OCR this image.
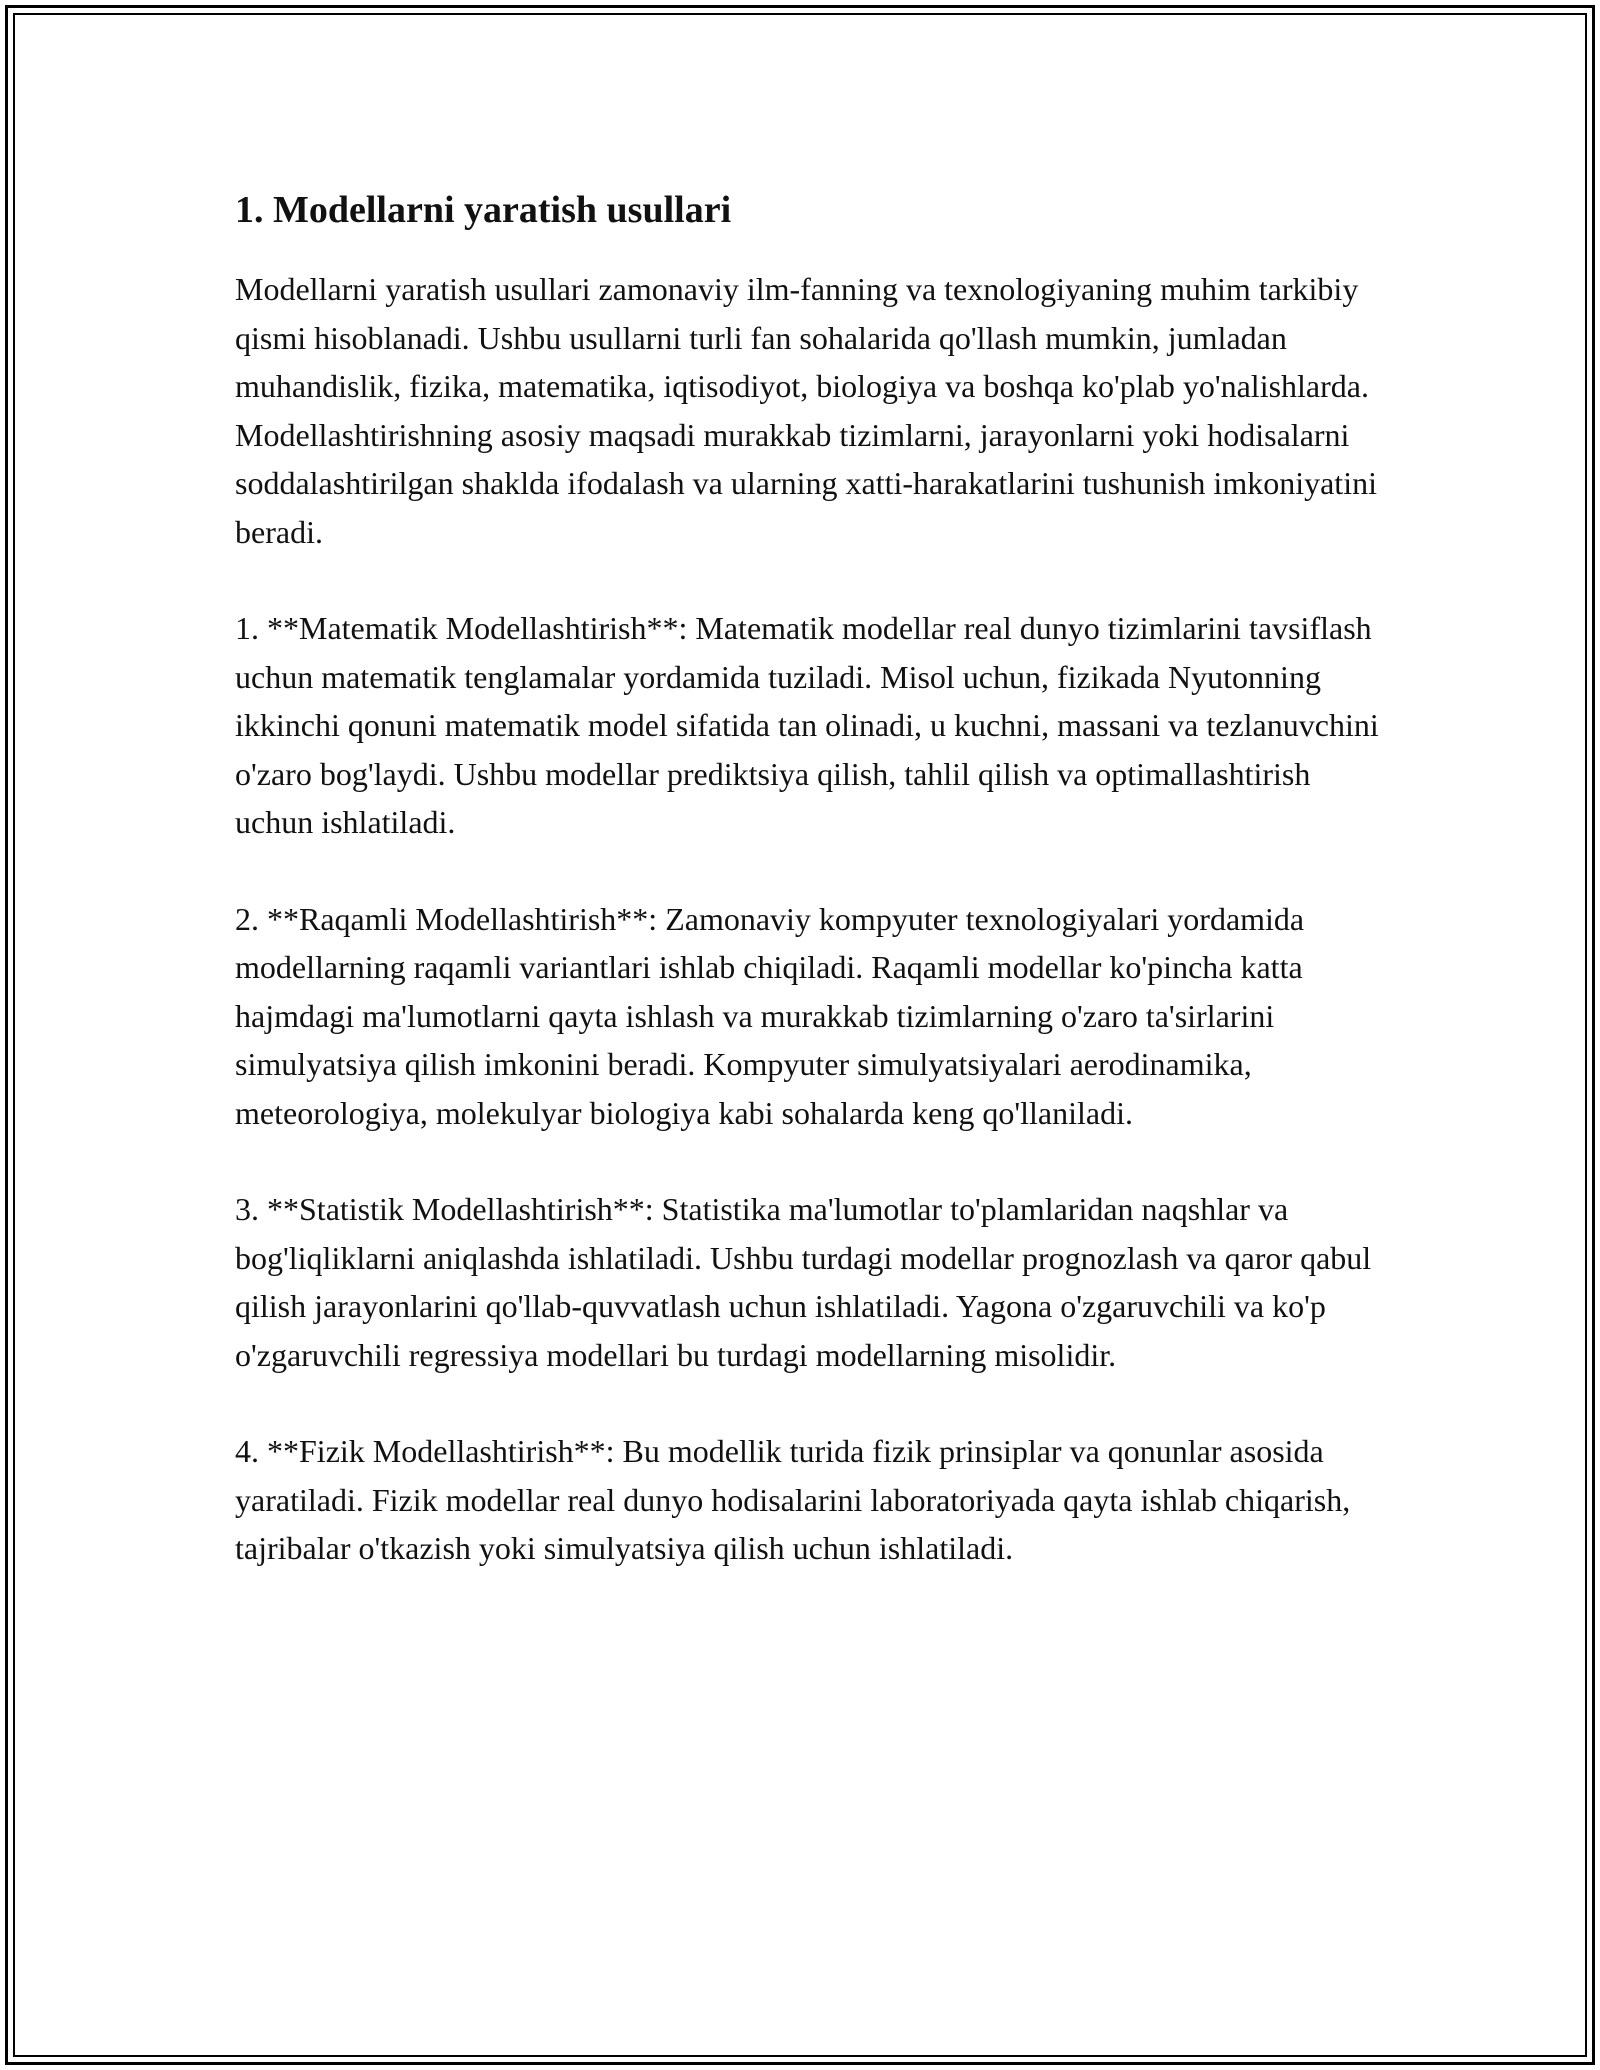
1. Modellarni yaratish usullari

Modellarni yaratish usullari zamonaviy ilm-fanning va texnologiyaning muhim tarkibiy qismi hisoblanadi. Ushbu usullarni turli fan sohalarida qo'llash mumkin, jumladan muhandislik, fizika, matematika, iqtisodiyot, biologiya va boshqa ko'plab yo'nalishlarda. Modellashtirishning asosiy maqsadi murakkab tizimlarni, jarayonlarni yoki hodisalarni soddalashtirilgan shaklda ifodalash va ularning xatti-harakatlarini tushunish imkoniyatini beradi.

1. **Matematik Modellashtirish**: Matematik modellar real dunyo tizimlarini tavsiflash uchun matematik tenglamalar yordamida tuziladi. Misol uchun, fizikada Nyutonning ikkinchi qonuni matematik model sifatida tan olinadi, u kuchni, massani va tezlanuvchini o'zaro bog'laydi. Ushbu modellar prediktsiya qilish, tahlil qilish va optimallashtirish uchun ishlatiladi.

2. **Raqamli Modellashtirish**: Zamonaviy kompyuter texnologiyalari yordamida modellarning raqamli variantlari ishlab chiqiladi. Raqamli modellar ko'pincha katta hajmdagi ma'lumotlarni qayta ishlash va murakkab tizimlarning o'zaro ta'sirlarini simulyatsiya qilish imkonini beradi. Kompyuter simulyatsiyalari aerodinamika, meteorologiya, molekulyar biologiya kabi sohalarda keng qo'llaniladi.

3. **Statistik Modellashtirish**: Statistika ma'lumotlar to'plamlaridan naqshlar va bog'liqliklarni aniqlashda ishlatiladi. Ushbu turdagi modellar prognozlash va qaror qabul qilish jarayonlarini qo'llab-quvvatlash uchun ishlatiladi. Yagona o'zgaruvchili va ko'p o'zgaruvchili regressiya modellari bu turdagi modellarning misolidir.

4. **Fizik Modellashtirish**: Bu modellik turida fizik prinsiplar va qonunlar asosida yaratiladi. Fizik modellar real dunyo hodisalarini laboratoriyada qayta ishlab chiqarish, tajribalar o'tkazish yoki simulyatsiya qilish uchun ishlatiladi.
